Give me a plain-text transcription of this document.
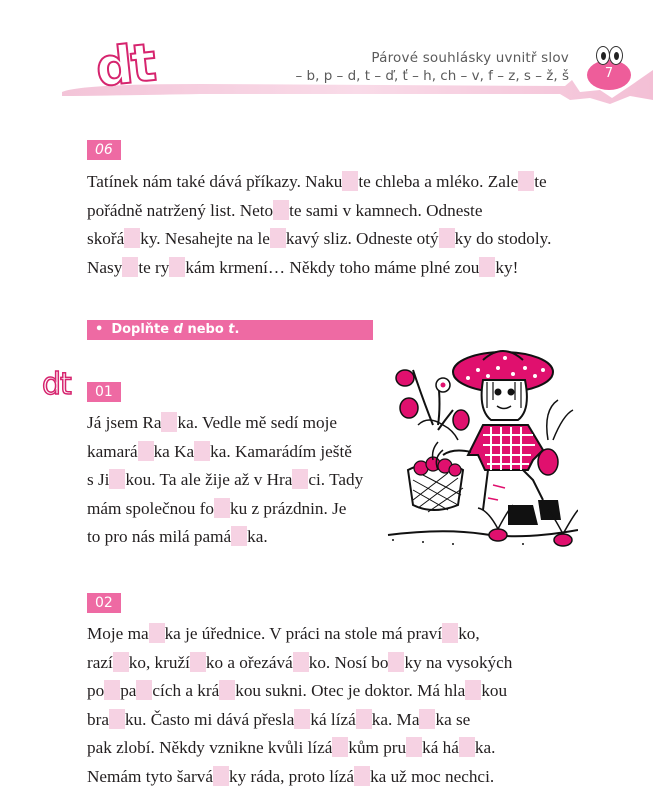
dt	Párové souhlásky uvnitř slov
– b, p – d, t – ď, ť – h, ch – v, f – z, s – ž, š	7
06
Tatínek nám také dává příkazy. Naku te chleba a mléko. Zale te
pořádně natržený list. Neto te sami v kamnech. Odneste
skořá ky. Nesahejte na le kavý sliz. Odneste otý ky do stodoly.
Nasy te ry kám krmení… Někdy toho máme plné zou ky!
• Doplňte d nebo t.
dt	01
Já jsem Ra ka. Vedle mě sedí moje
kamará ka Ka ka. Kamarádím ještě
s Ji kou. Ta ale žije až v Hra ci. Tady
mám společnou fo ku z prázdnin. Je
to pro nás milá pamá ka.
02
Moje ma ka je úřednice. V práci na stole má praví ko,
razí ko, kruží ko a ořezává ko. Nosí bo ky na vysokých
po pa cích a krá kou sukni. Otec je doktor. Má hla kou
bra ku. Často mi dává přesla ká lízá ka. Ma ka se
pak zlobí. Někdy vznikne kvůli lízá kům pru ká há ka.
Nemám tyto šarvá ky ráda, proto lízá ka už moc nechci.
